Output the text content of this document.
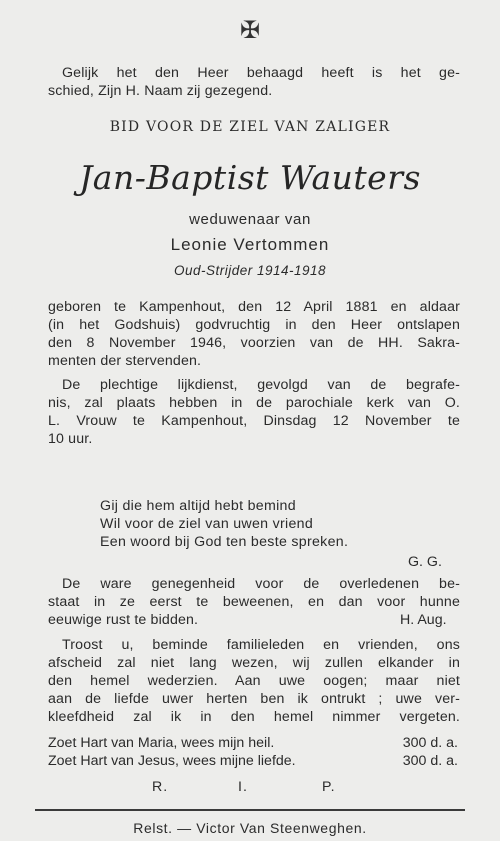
✠
Gelijk het den Heer behaagd heeft is het ge-
schied, Zijn H. Naam zij gezegend.
BID VOOR DE ZIEL VAN ZALIGER
Jan-Baptist Wauters
weduwenaar van
Leonie Vertommen
Oud-Strijder 1914-1918
geboren te Kampenhout, den 12 April 1881 en aldaar
(in het Godshuis) godvruchtig in den Heer ontslapen
den 8 November 1946, voorzien van de HH. Sakra-
menten der stervenden.
De plechtige lijkdienst, gevolgd van de begrafe-
nis, zal plaats hebben in de parochiale kerk van O.
L. Vrouw te Kampenhout, Dinsdag 12 November te
10 uur.
Gij die hem altijd hebt bemind
Wil voor de ziel van uwen vriend
Een woord bij God ten beste spreken.
G. G.
De ware genegenheid voor de overledenen be-
staat in ze eerst te beweenen, en dan voor hunne
eeuwige rust te bidden.	H. Aug.
Troost u, beminde familieleden en vrienden, ons
afscheid zal niet lang wezen, wij zullen elkander in
den hemel wederzien. Aan uwe oogen; maar niet
aan de liefde uwer herten ben ik ontrukt ; uwe ver-
kleefdheid zal ik in den hemel nimmer vergeten.
Zoet Hart van Maria, wees mijn heil.	300 d. a.
Zoet Hart van Jesus, wees mijne liefde.	300 d. a.
R.	I.	P.
Relst. — Victor Van Steenweghen.
